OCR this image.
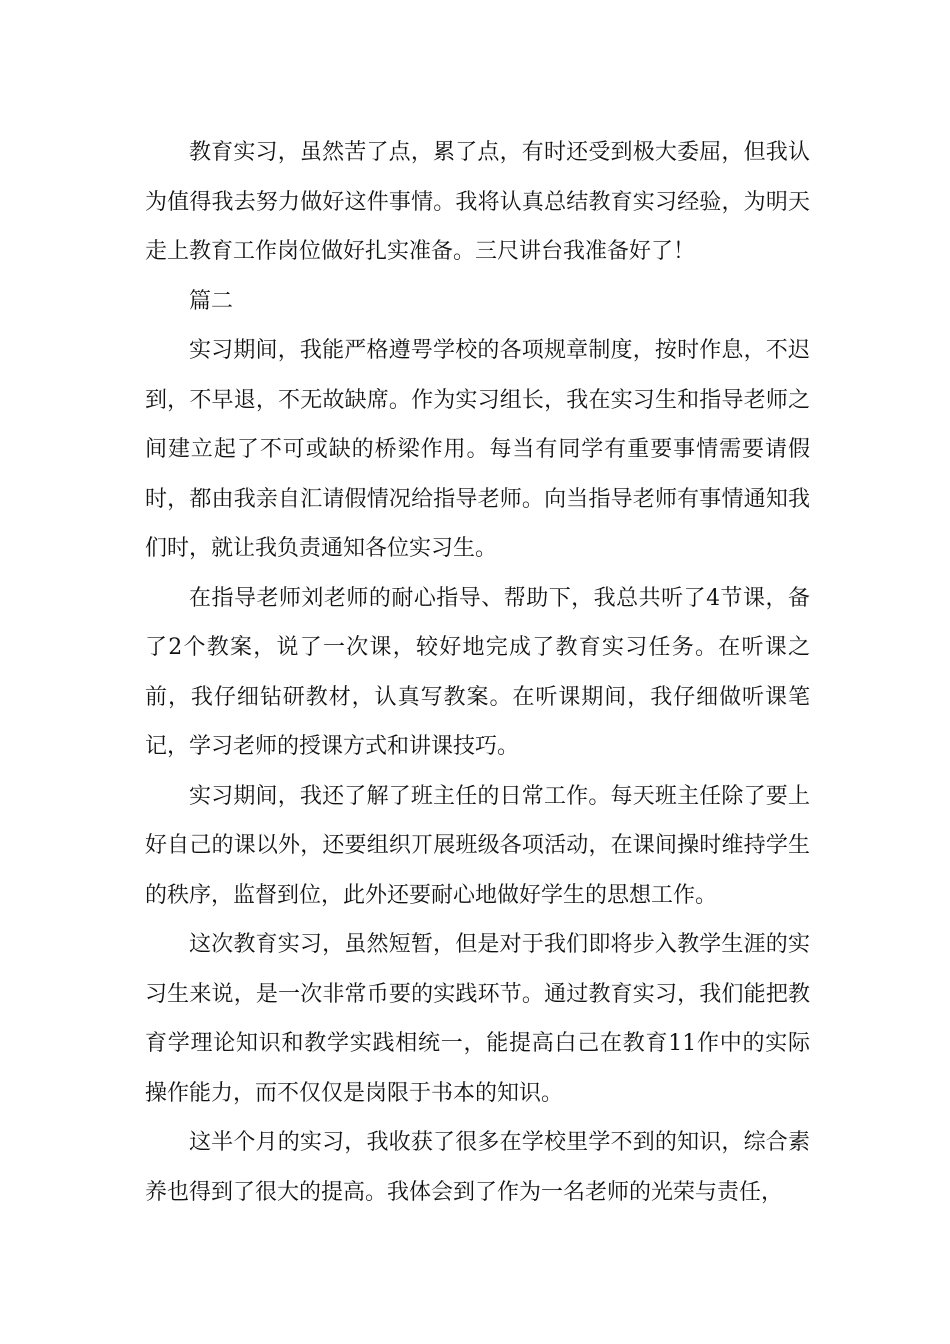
教育实习，虽然苦了点，累了点，有时还受到极大委屈，但我认为值得我去努力做好这件事情。我将认真总结教育实习经验，为明天走上教育工作岗位做好扎实准备。三尺讲台我准备好了！

篇二

实习期间，我能严格遵咢学校的各项规章制度，按时作息，不迟到，不早退，不无故缺席。作为实习组长，我在实习生和指导老师之间建立起了不可或缺的桥梁作用。每当有同学有重要事情需要请假时，都由我亲自汇请假情况给指导老师。向当指导老师有事情通知我们时，就让我负责通知各位实习生。

在指导老师刘老师的耐心指导、帮助下，我总共听了4节课，备了2个教案，说了一次课，较好地完成了教育实习任务。在听课之前，我仔细钻研教材，认真写教案。在听课期间，我仔细做听课笔记，学习老师的授课方式和讲课技巧。

实习期间，我还了解了班主任的日常工作。每天班主任除了要上好自己的课以外，还要组织丌展班级各项活动，在课间操时维持学生的秩序，监督到位，此外还要耐心地做好学生的思想工作。

这次教育实习，虽然短暂，但是对于我们即将步入教学生涯的实习生来说，是一次非常币要的实践环节。通过教育实习，我们能把教育学理论知识和教学实践相统一，能提高白己在教育11作中的实际操作能力，而不仅仅是岗限于书本的知识。

这半个月的实习，我收获了很多在学校里学不到的知识，综合素养也得到了很大的提高。我体会到了作为一名老师的光荣与责任，
